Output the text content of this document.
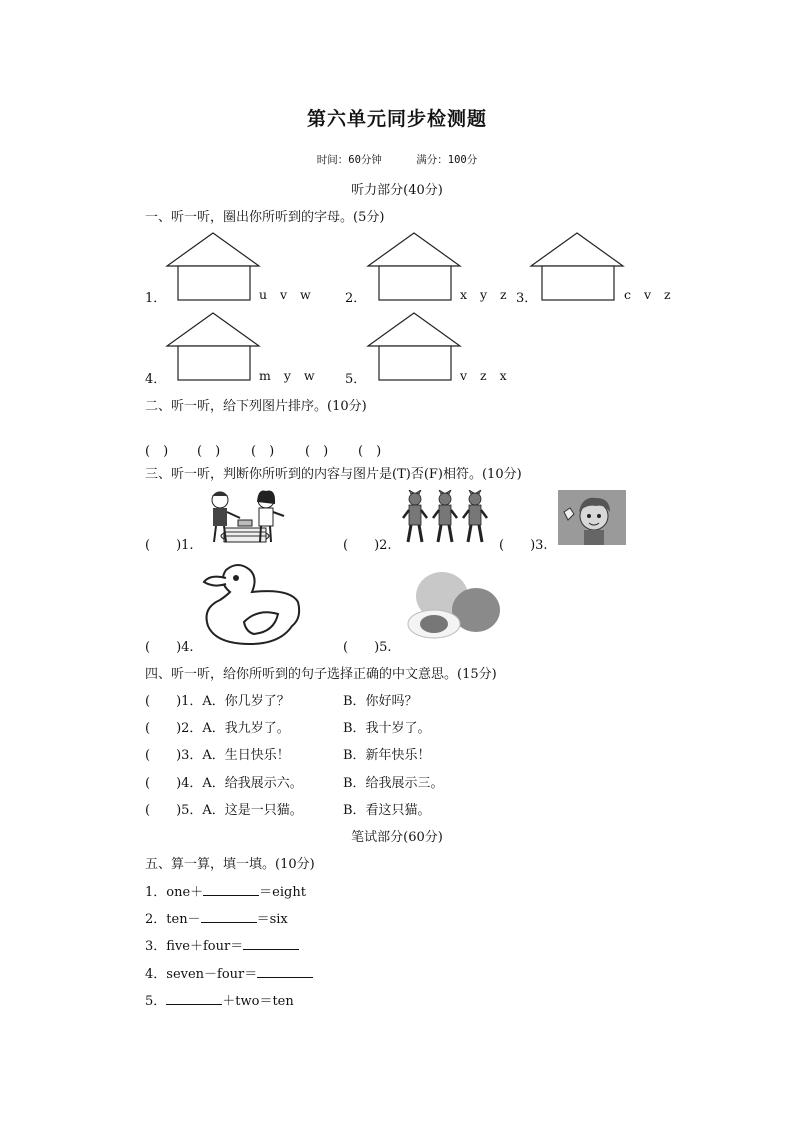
第六单元同步检测题
时间：60分钟	满分：100分
听力部分(40分)
一、听一听，圈出你所听到的字母。(5分)
1．	u v w	2．	x y z 3．	c v z
4．	m y w 5．	v z x
二、听一听，给下列图片排序。(10分)
(　) (　) (　) (　) (　)
三、听一听，判断你所听到的内容与图片是(T)否(F)相符。(10分)
(　　)1.	(　　)2.	(　　)3.
(　　)4.	(　　)5.
四、听一听，给你所听到的句子选择正确的中文意思。(15分)
(　　)1．A．你几岁了？	B．你好吗？
(　　)2．A．我九岁了。	B．我十岁了。
(　　)3．A．生日快乐！	B．新年快乐！
(　　)4．A．给我展示六。	B．给我展示三。
(　　)5．A．这是一只猫。	B．看这只猫。
笔试部分(60分)
五、算一算，填一填。(10分)
1．one＋	＝eight
2．ten－	＝six
3．five＋four＝
4．seven－four＝
5．	＋two＝ten
